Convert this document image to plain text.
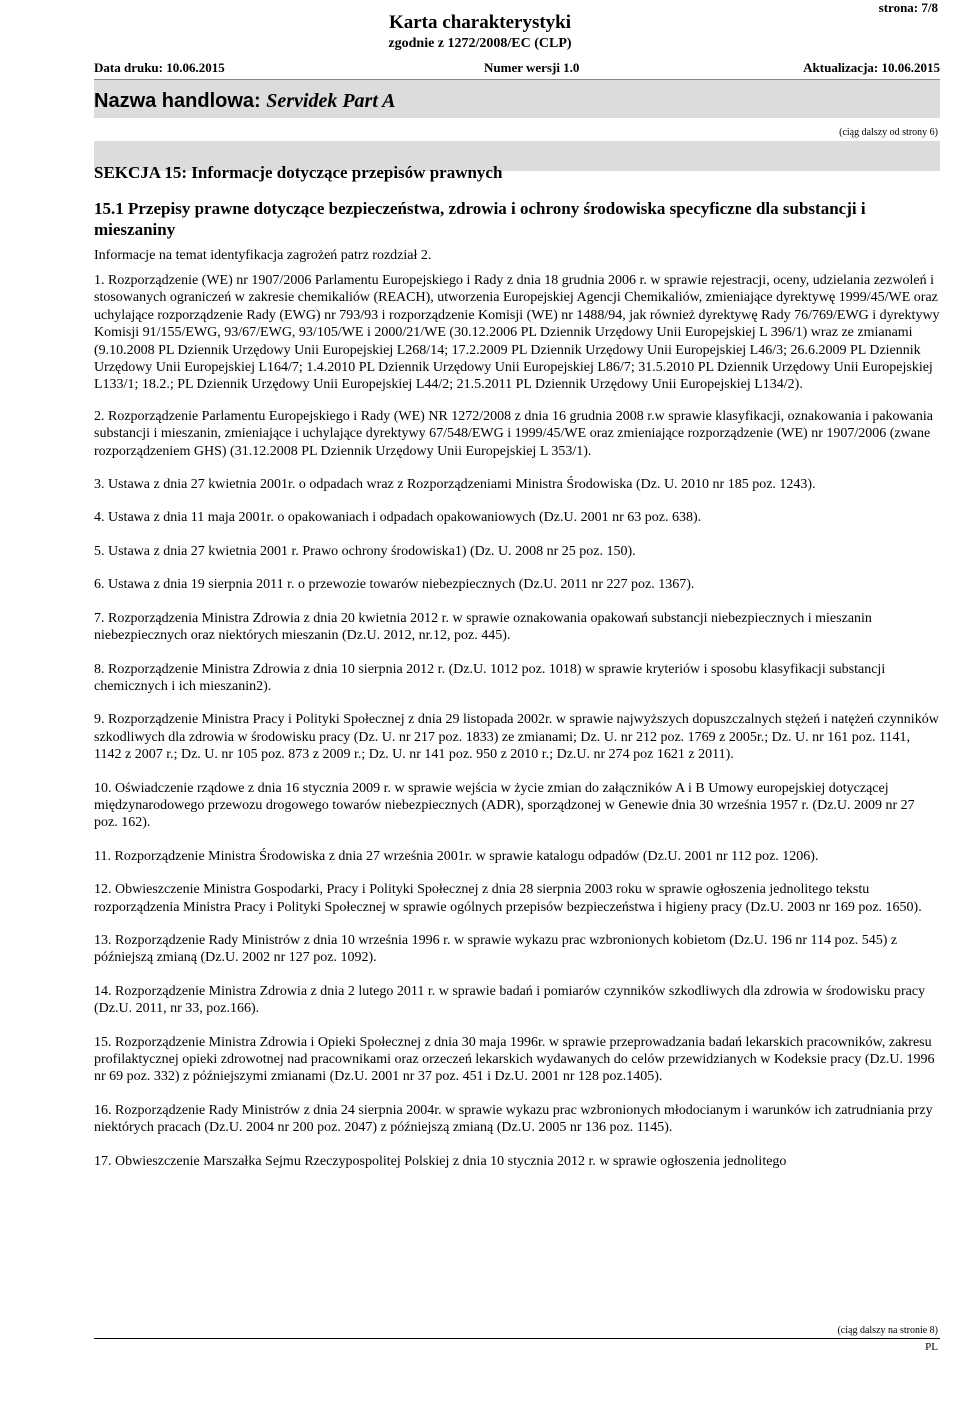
strona: 7/8
Karta charakterystyki
zgodnie z 1272/2008/EC (CLP)
Data druku: 10.06.2015	Numer wersji 1.0	Aktualizacja: 10.06.2015
Nazwa handlowa: Servidek Part A
(ciąg dalszy od strony 6)
SEKCJA 15: Informacje dotyczące przepisów prawnych
15.1 Przepisy prawne dotyczące bezpieczeństwa, zdrowia i ochrony środowiska specyficzne dla substancji i mieszaniny
Informacje na temat identyfikacja zagrożeń patrz rozdział 2.

1. Rozporządzenie (WE) nr 1907/2006 Parlamentu Europejskiego i Rady z dnia 18 grudnia 2006 r. w sprawie rejestracji, oceny, udzielania zezwoleń i stosowanych ograniczeń w zakresie chemikaliów (REACH), utworzenia Europejskiej Agencji Chemikaliów, zmieniające dyrektywę 1999/45/WE oraz uchylające rozporządzenie Rady (EWG) nr 793/93 i rozporządzenie Komisji (WE) nr 1488/94, jak również dyrektywę Rady 76/769/EWG i dyrektywy Komisji 91/155/EWG, 93/67/EWG, 93/105/WE i 2000/21/WE (30.12.2006 PL Dziennik Urzędowy Unii Europejskiej L 396/1) wraz ze zmianami (9.10.2008 PL Dziennik Urzędowy Unii Europejskiej L268/14; 17.2.2009 PL Dziennik Urzędowy Unii Europejskiej L46/3; 26.6.2009 PL Dziennik Urzędowy Unii Europejskiej L164/7; 1.4.2010 PL Dziennik Urzędowy Unii Europejskiej L86/7; 31.5.2010 PL Dziennik Urzędowy Unii Europejskiej L133/1; 18.2.; PL Dziennik Urzędowy Unii Europejskiej L44/2; 21.5.2011 PL Dziennik Urzędowy Unii Europejskiej L134/2).

2. Rozporządzenie Parlamentu Europejskiego i Rady (WE) NR 1272/2008 z dnia 16 grudnia 2008 r.w sprawie klasyfikacji, oznakowania i pakowania substancji i mieszanin, zmieniające i uchylające dyrektywy 67/548/EWG i 1999/45/WE oraz zmieniające rozporządzenie (WE) nr 1907/2006 (zwane rozporządzeniem GHS) (31.12.2008 PL Dziennik Urzędowy Unii Europejskiej L 353/1).

3. Ustawa z dnia 27 kwietnia 2001r. o odpadach wraz z Rozporządzeniami Ministra Środowiska (Dz. U. 2010 nr 185 poz. 1243).

4. Ustawa z dnia 11 maja 2001r. o opakowaniach i odpadach opakowaniowych (Dz.U. 2001 nr 63 poz. 638).

5. Ustawa z dnia 27 kwietnia 2001 r. Prawo ochrony środowiska1) (Dz. U. 2008 nr 25 poz. 150).

6. Ustawa z dnia 19 sierpnia 2011 r. o przewozie towarów niebezpiecznych (Dz.U. 2011 nr 227 poz. 1367).

7. Rozporządzenia Ministra Zdrowia z dnia 20 kwietnia 2012 r. w sprawie oznakowania opakowań substancji niebezpiecznych i mieszanin niebezpiecznych oraz niektórych mieszanin (Dz.U. 2012, nr.12, poz. 445).

8. Rozporządzenie Ministra Zdrowia z dnia 10 sierpnia 2012 r. (Dz.U. 1012 poz. 1018) w sprawie kryteriów i sposobu klasyfikacji substancji chemicznych i ich mieszanin2).

9. Rozporządzenie Ministra Pracy i Polityki Społecznej z dnia 29 listopada 2002r. w sprawie najwyższych dopuszczalnych stężeń i natężeń czynników szkodliwych dla zdrowia w środowisku pracy (Dz. U. nr 217 poz. 1833) ze zmianami; Dz. U. nr 212 poz. 1769 z 2005r.; Dz. U. nr 161 poz. 1141, 1142 z 2007 r.; Dz. U. nr 105 poz. 873 z 2009 r.; Dz. U. nr 141 poz. 950 z 2010 r.; Dz.U. nr 274 poz 1621 z 2011).

10. Oświadczenie rządowe z dnia 16 stycznia 2009 r. w sprawie wejścia w życie zmian do załączników A i B Umowy europejskiej dotyczącej międzynarodowego przewozu drogowego towarów niebezpiecznych (ADR), sporządzonej w Genewie dnia 30 września 1957 r. (Dz.U. 2009 nr 27 poz. 162).

11. Rozporządzenie Ministra Środowiska z dnia 27 września 2001r. w sprawie katalogu odpadów (Dz.U. 2001 nr 112 poz. 1206).

12. Obwieszczenie Ministra Gospodarki, Pracy i Polityki Społecznej z dnia 28 sierpnia 2003 roku w sprawie ogłoszenia jednolitego tekstu rozporządzenia Ministra Pracy i Polityki Społecznej w sprawie ogólnych przepisów bezpieczeństwa i higieny pracy (Dz.U. 2003 nr 169 poz. 1650).

13. Rozporządzenie Rady Ministrów z dnia 10 września 1996 r. w sprawie wykazu prac wzbronionych kobietom (Dz.U. 196 nr 114 poz. 545) z późniejszą zmianą (Dz.U. 2002 nr 127 poz. 1092).

14. Rozporządzenie Ministra Zdrowia z dnia 2 lutego 2011 r. w sprawie badań i pomiarów czynników szkodliwych dla zdrowia w środowisku pracy (Dz.U. 2011, nr 33, poz.166).

15. Rozporządzenie Ministra Zdrowia i Opieki Społecznej z dnia 30 maja 1996r. w sprawie przeprowadzania badań lekarskich pracowników, zakresu profilaktycznej opieki zdrowotnej nad pracownikami oraz orzeczeń lekarskich wydawanych do celów przewidzianych w Kodeksie pracy (Dz.U. 1996 nr 69 poz. 332) z późniejszymi zmianami (Dz.U. 2001 nr 37 poz. 451 i Dz.U. 2001 nr 128 poz.1405).

16. Rozporządzenie Rady Ministrów z dnia 24 sierpnia 2004r. w sprawie wykazu prac wzbronionych młodocianym i warunków ich zatrudniania przy niektórych pracach (Dz.U. 2004 nr 200 poz. 2047) z późniejszą zmianą (Dz.U. 2005 nr 136 poz. 1145).

17. Obwieszczenie Marszałka Sejmu Rzeczypospolitej Polskiej z dnia 10 stycznia 2012 r. w sprawie ogłoszenia jednolitego

(ciąg dalszy na stronie 8)
PL
